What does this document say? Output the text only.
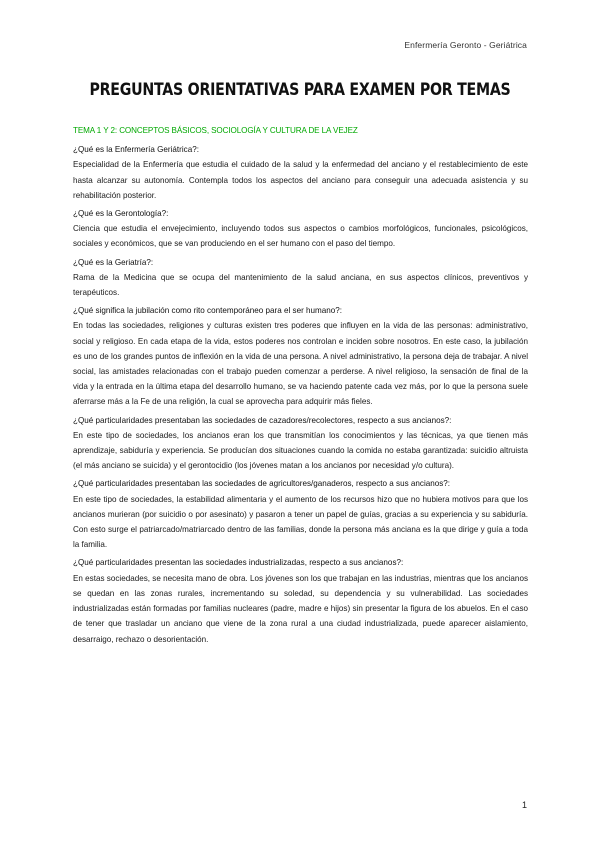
Enfermería Geronto - Geriátrica
PREGUNTAS ORIENTATIVAS PARA EXAMEN POR TEMAS

TEMA 1 Y 2: CONCEPTOS BÁSICOS, SOCIOLOGÍA Y CULTURA DE LA VEJEZ

¿Qué es la Enfermería Geriátrica?:

Especialidad de la Enfermería que estudia el cuidado de la salud y la enfermedad del anciano y el restablecimiento de este hasta alcanzar su autonomía. Contempla todos los aspectos del anciano para conseguir una adecuada asistencia y su rehabilitación posterior.

¿Qué es la Gerontología?:

Ciencia que estudia el envejecimiento, incluyendo todos sus aspectos o cambios morfológicos, funcionales, psicológicos, sociales y económicos, que se van produciendo en el ser humano con el paso del tiempo.

¿Qué es la Geriatría?:

Rama de la Medicina que se ocupa del mantenimiento de la salud anciana, en sus aspectos clínicos, preventivos y terapéuticos.

¿Qué significa la jubilación como rito contemporáneo para el ser humano?:

En todas las sociedades, religiones y culturas existen tres poderes que influyen en la vida de las personas: administrativo, social y religioso. En cada etapa de la vida, estos poderes nos controlan e inciden sobre nosotros. En este caso, la jubilación es uno de los grandes puntos de inflexión en la vida de una persona. A nivel administrativo, la persona deja de trabajar. A nivel social, las amistades relacionadas con el trabajo pueden comenzar a perderse. A nivel religioso, la sensación de final de la vida y la entrada en la última etapa del desarrollo humano, se va haciendo patente cada vez más, por lo que la persona suele aferrarse más a la Fe de una religión, la cual se aprovecha para adquirir más fieles.

¿Qué particularidades presentaban las sociedades de cazadores/recolectores, respecto a sus ancianos?:

En este tipo de sociedades, los ancianos eran los que transmitían los conocimientos y las técnicas, ya que tienen más aprendizaje, sabiduría y experiencia. Se producían dos situaciones cuando la comida no estaba garantizada: suicidio altruista (el más anciano se suicida) y el gerontocidio (los jóvenes matan a los ancianos por necesidad y/o cultura).

¿Qué particularidades presentaban las sociedades de agricultores/ganaderos, respecto a sus ancianos?:

En este tipo de sociedades, la estabilidad alimentaria y el aumento de los recursos hizo que no hubiera motivos para que los ancianos murieran (por suicidio o por asesinato) y pasaron a tener un papel de guías, gracias a su experiencia y su sabiduría. Con esto surge el patriarcado/matriarcado dentro de las familias, donde la persona más anciana es la que dirige y guía a toda la familia.

¿Qué particularidades presentan las sociedades industrializadas, respecto a sus ancianos?:

En estas sociedades, se necesita mano de obra. Los jóvenes son los que trabajan en las industrias, mientras que los ancianos se quedan en las zonas rurales, incrementando su soledad, su dependencia y su vulnerabilidad. Las sociedades industrializadas están formadas por familias nucleares (padre, madre e hijos) sin presentar la figura de los abuelos. En el caso de tener que trasladar un anciano que viene de la zona rural a una ciudad industrializada, puede aparecer aislamiento, desarraigo, rechazo o desorientación.

1
